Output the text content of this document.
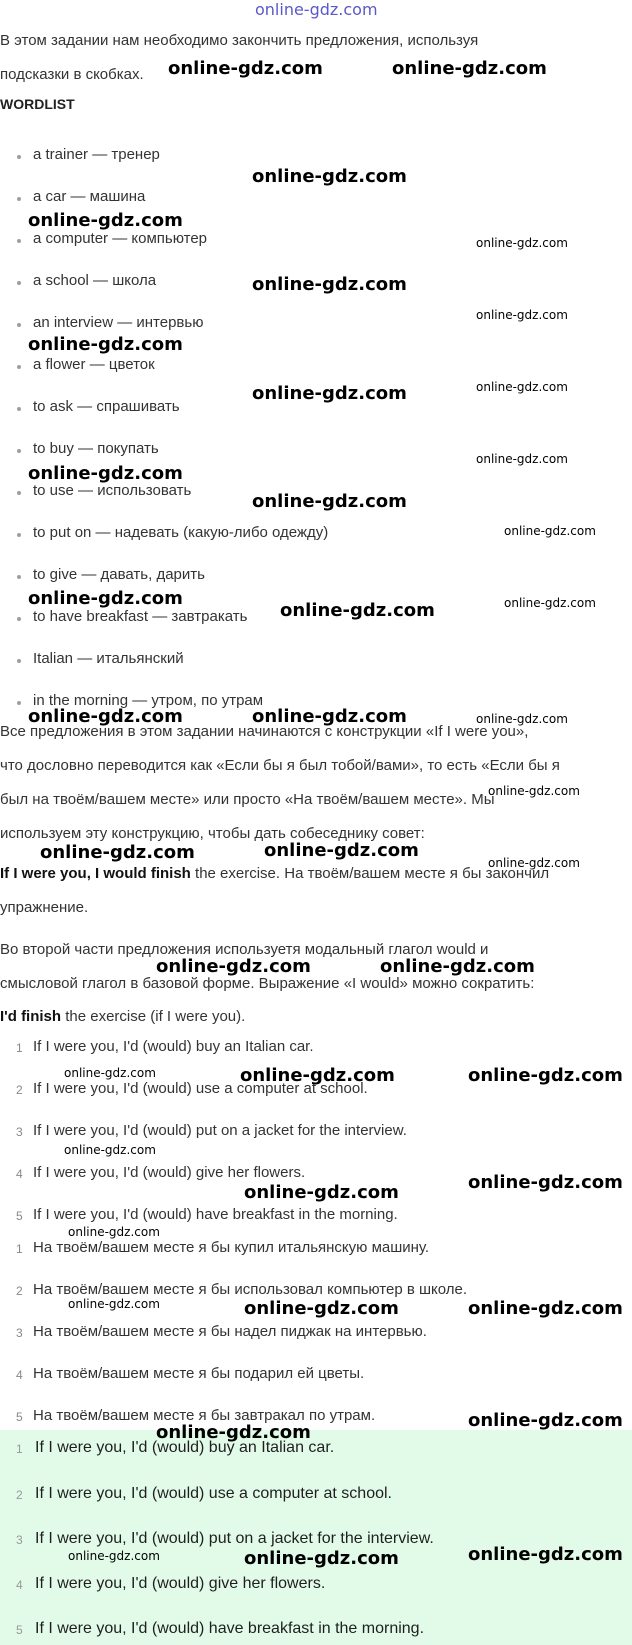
online-gdz.com
В этом задании нам необходимо закончить предложения, используя
подсказки в скобках.
WORDLIST
a trainer — тренер
a car — машина
a computer — компьютер
a school — школа
an interview — интервью
a flower — цветок
to ask — спрашивать
to buy — покупать
to use — использовать
to put on — надевать (какую-либо одежду)
to give — давать, дарить
to have breakfast — завтракать
Italian — итальянский
in the morning — утром, по утрам
Все предложения в этом задании начинаются с конструкции «If I were you»,
что дословно переводится как «Если бы я был тобой/вами», то есть «Если бы я
был на твоём/вашем месте» или просто «На твоём/вашем месте». Мы
используем эту конструкцию, чтобы дать собеседнику совет:
If I were you, I would finish the exercise. На твоём/вашем месте я бы закончил
упражнение.
Во второй части предложения используетя модальный глагол would и
смысловой глагол в базовой форме. Выражение «I would» можно сократить:
I'd finish the exercise (if I were you).
1 If I were you, I'd (would) buy an Italian car.
2 If I were you, I'd (would) use a computer at school.
3 If I were you, I'd (would) put on a jacket for the interview.
4 If I were you, I'd (would) give her flowers.
5 If I were you, I'd (would) have breakfast in the morning.
1 На твоём/вашем месте я бы купил итальянскую машину.
2 На твоём/вашем месте я бы использовал компьютер в школе.
3 На твоём/вашем месте я бы надел пиджак на интервью.
4 На твоём/вашем месте я бы подарил ей цветы.
5 На твоём/вашем месте я бы завтракал по утрам.
1 If I were you, I'd (would) buy an Italian car.
2 If I were you, I'd (would) use a computer at school.
3 If I were you, I'd (would) put on a jacket for the interview.
4 If I were you, I'd (would) give her flowers.
5 If I were you, I'd (would) have breakfast in the morning.
online-gdz.com	online-gdz.com
online-gdz.com
online-gdz.com
online-gdz.com
online-gdz.com
online-gdz.com
online-gdz.com
online-gdz.com
online-gdz.com
online-gdz.com
online-gdz.com	online-gdz.com
online-gdz.com	online-gdz.com
online-gdz.com	online-gdz.com
online-gdz.com	online-gdz.com
online-gdz.com	online-gdz.com
online-gdz.com	online-gdz.com
online-gdz.com
online-gdz.com
online-gdz.com	online-gdz.com
online-gdz.com
online-gdz.com
online-gdz.com
online-gdz.com
online-gdz.com
online-gdz.com
online-gdz.com
online-gdz.com
online-gdz.com
online-gdz.com
online-gdz.com
online-gdz.com
online-gdz.com
online-gdz.com
